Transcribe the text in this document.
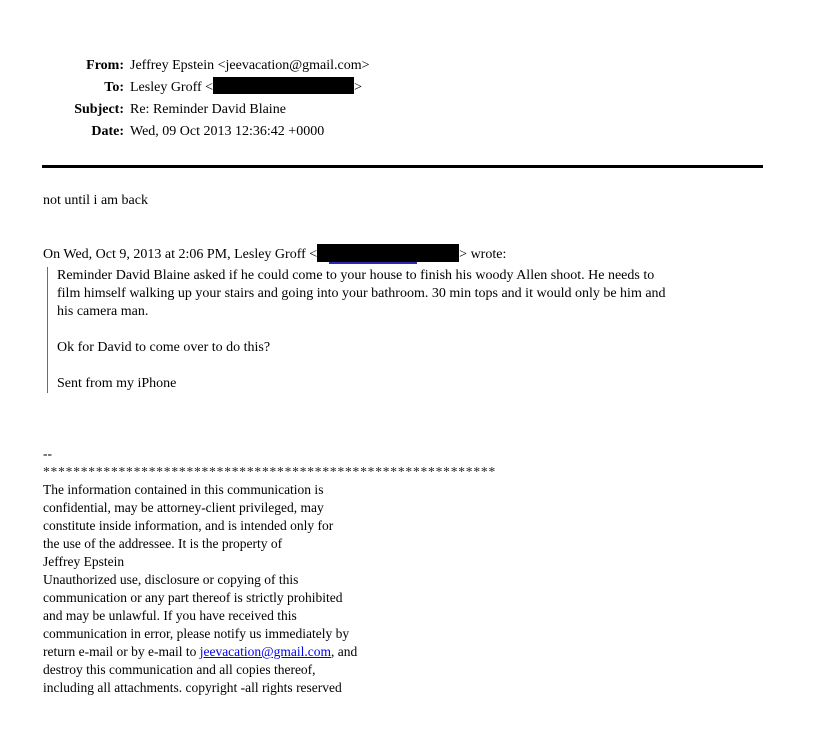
From: Jeffrey Epstein <jeevacation@gmail.com>
To: Lesley Groff <	>
Subject: Re: Reminder David Blaine
Date: Wed, 09 Oct 2013 12:36:42 +0000

not until i am back

On Wed, Oct 9, 2013 at 2:06 PM, Lesley Groff <	> wrote:

Reminder David Blaine asked if he could come to your house to finish his woody Allen shoot. He needs to
film himself walking up your stairs and going into your bathroom. 30 min tops and it would only be him and
his camera man.
Ok for David to come over to do this?
Sent from my iPhone
--
************************************************************
The information contained in this communication is
confidential, may be attorney-client privileged, may
constitute inside information, and is intended only for
the use of the addressee. It is the property of
Jeffrey Epstein
Unauthorized use, disclosure or copying of this
communication or any part thereof is strictly prohibited
and may be unlawful. If you have received this
communication in error, please notify us immediately by
return e-mail or by e-mail to jeevacation@gmail.com, and
destroy this communication and all copies thereof,
including all attachments. copyright -all rights reserved
